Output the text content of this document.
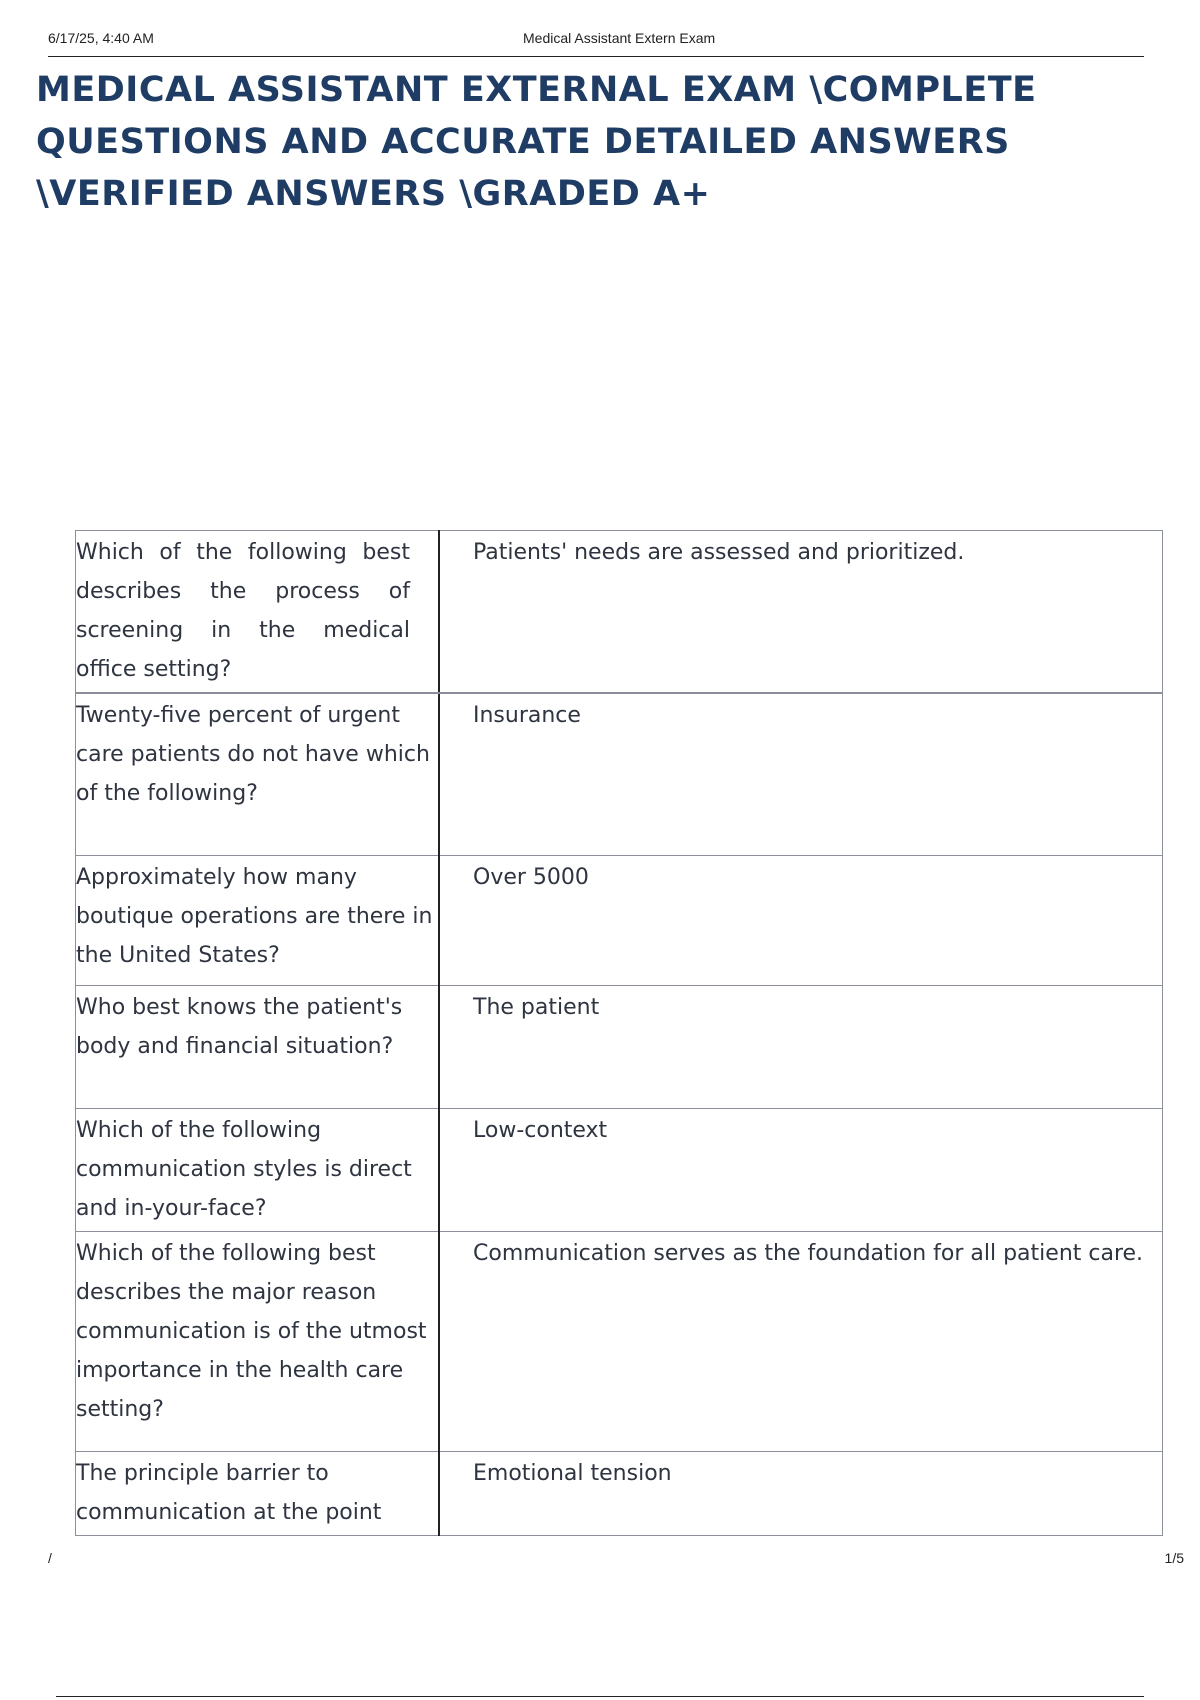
6/17/25, 4:40 AM	Medical Assistant Extern Exam
MEDICAL ASSISTANT EXTERNAL EXAM \COMPLETE
QUESTIONS AND ACCURATE DETAILED ANSWERS
\VERIFIED ANSWERS \GRADED A+
Which of the following best describes the process of screening in the medical office setting?	Patients' needs are assessed and prioritized.

Twenty-five percent of urgent care patients do not have which of the following?	Insurance

Approximately how many boutique operations are there in the United States?	Over 5000

Who best knows the patient's body and financial situation?	The patient

Which of the following communication styles is direct and in-your-face?	Low-context

Which of the following best describes the major reason communication is of the utmost importance in the health care setting?	Communication serves as the foundation for all patient care.

The principle barrier to communication at the point	Emotional tension
/	1/5
